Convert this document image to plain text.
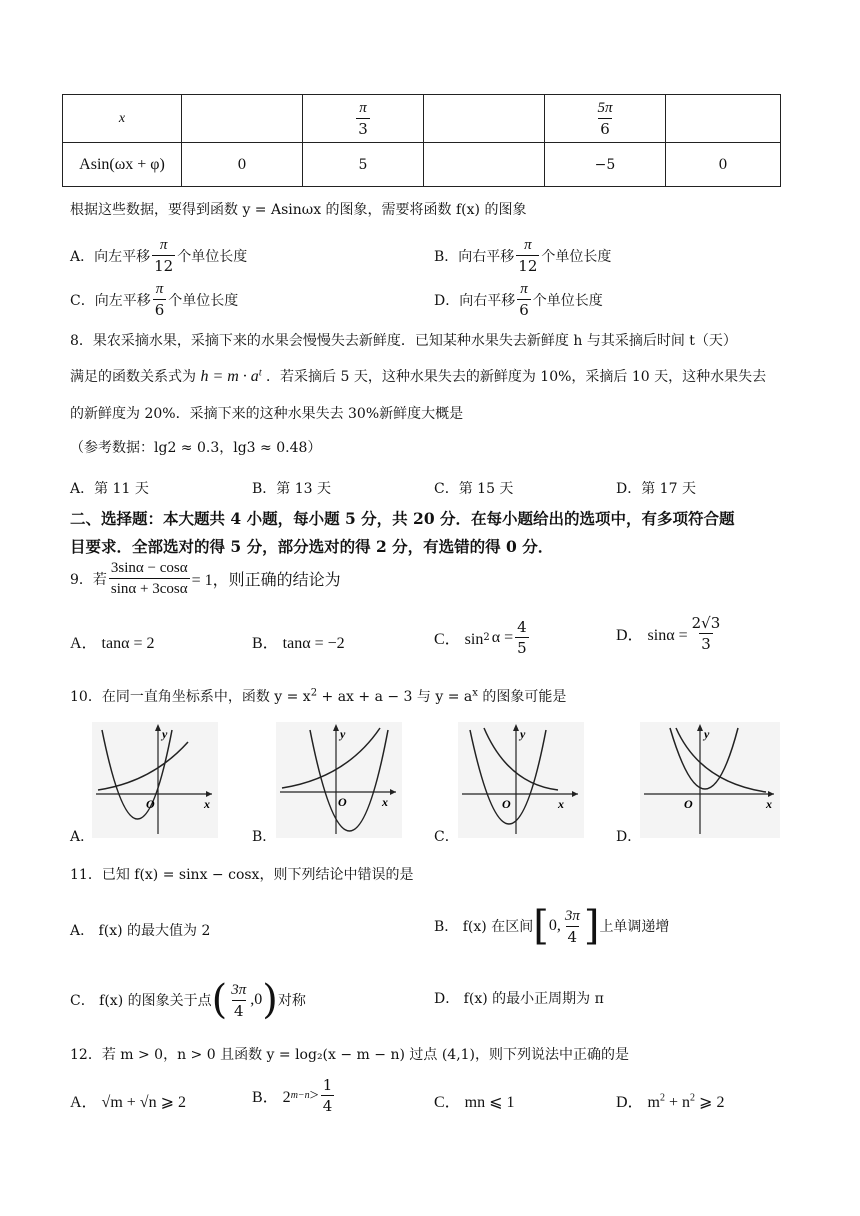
x		$\frac{\pi}{3}$		$\frac{5\pi}{6}$

Asin(ωx + φ)	0	5		−5	0
根据这些数据，要得到函数 y = Asinωx 的图象，需要将函数 f(x) 的图象
A．向左平移 $\frac{\pi}{12}$ 个单位长度	B．向右平移 $\frac{\pi}{12}$ 个单位长度
C．向左平移 $\frac{\pi}{6}$ 个单位长度	D．向右平移 $\frac{\pi}{6}$ 个单位长度
8．果农采摘水果，采摘下来的水果会慢慢失去新鲜度．已知某种水果失去新鲜度 h 与其采摘后时间 t（天）
满足的函数关系式为 $h = m \cdot a^t$ ．若采摘后 5 天，这种水果失去的新鲜度为 10%，采摘后 10 天，这种水果失去
的新鲜度为 20%．采摘下来的这种水果失去 30%新鲜度大概是
（参考数据：lg2 ≈ 0.3，lg3 ≈ 0.48）
A．第 11 天	B．第 13 天	C．第 15 天	D．第 17 天
二、选择题：本大题共 4 小题，每小题 5 分，共 20 分．在每小题给出的选项中，有多项符合题
目要求．全部选对的得 5 分，部分选对的得 2 分，有选错的得 0 分．
9．若 $\frac{3\sin\alpha - \cos\alpha}{\sin\alpha + 3\cos\alpha} = 1$，则正确的结论为
A． tanα = 2	B． tanα = −2	C． sin 2 $\alpha = \frac{4}{5}$	D． $\sin\alpha = \frac{2√3}{3}$
10．在同一直角坐标系中，函数 $y = x^2$ + ax + a − 3 与 $y = a^x$ 的图象可能是
x
y
O
A．
x
y
O
B．
x
y
O
C．
x
y
O
D．
11．已知 f(x) = sinx − cosx，则下列结论中错误的是
A． f(x) 的最大值为 2	B． f(x) 在区间 [ 0, $\frac{3\pi}{4}$ ] 上单调递增
C． f(x) 的图象关于点 ( $\frac{3\pi}{4} ,0$ ) 对称	D． f(x) 的最小正周期为 π
12．若 m > 0，n > 0 且函数 y = log₂(x − m − n) 过点 (4,1)，则下列说法中正确的是
A． √m + √n ⩾ 2	B． 2 $m-n > \frac{1}{4}$	C． mn ⩽ 1	D． $m^2 + n^2$ ⩾ 2
